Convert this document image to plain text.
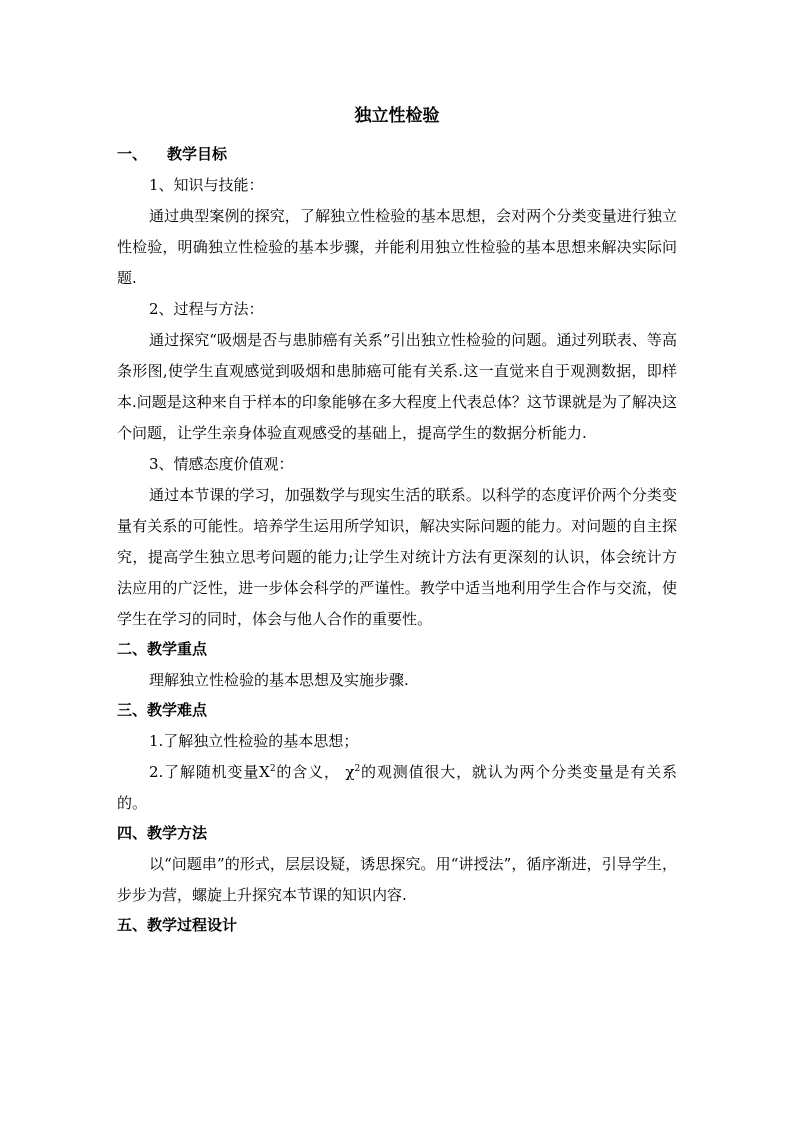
独立性检验
一、 教学目标

1、知识与技能：

通过典型案例的探究，了解独立性检验的基本思想，会对两个分类变量进行独立性检验，明确独立性检验的基本步骤，并能利用独立性检验的基本思想来解决实际问题.

2、过程与方法：

通过探究“吸烟是否与患肺癌有关系”引出独立性检验的问题。通过列联表、等高条形图,使学生直观感觉到吸烟和患肺癌可能有关系.这一直觉来自于观测数据，即样本.问题是这种来自于样本的印象能够在多大程度上代表总体？这节课就是为了解决这个问题，让学生亲身体验直观感受的基础上，提高学生的数据分析能力.

3、情感态度价值观：

通过本节课的学习，加强数学与现实生活的联系。以科学的态度评价两个分类变量有关系的可能性。培养学生运用所学知识，解决实际问题的能力。对问题的自主探究，提高学生独立思考问题的能力;让学生对统计方法有更深刻的认识，体会统计方法应用的广泛性，进一步体会科学的严谨性。教学中适当地利用学生合作与交流，使学生在学习的同时，体会与他人合作的重要性。

二、教学重点

理解独立性检验的基本思想及实施步骤.

三、教学难点

1.了解独立性检验的基本思想；

2.了解随机变量$X^2$的含义， $\chi^2$的观测值很大，就认为两个分类变量是有关系的。

四、教学方法

以“问题串”的形式，层层设疑，诱思探究。用“讲授法”，循序渐进，引导学生，步步为营，螺旋上升探究本节课的知识内容.

五、教学过程设计
